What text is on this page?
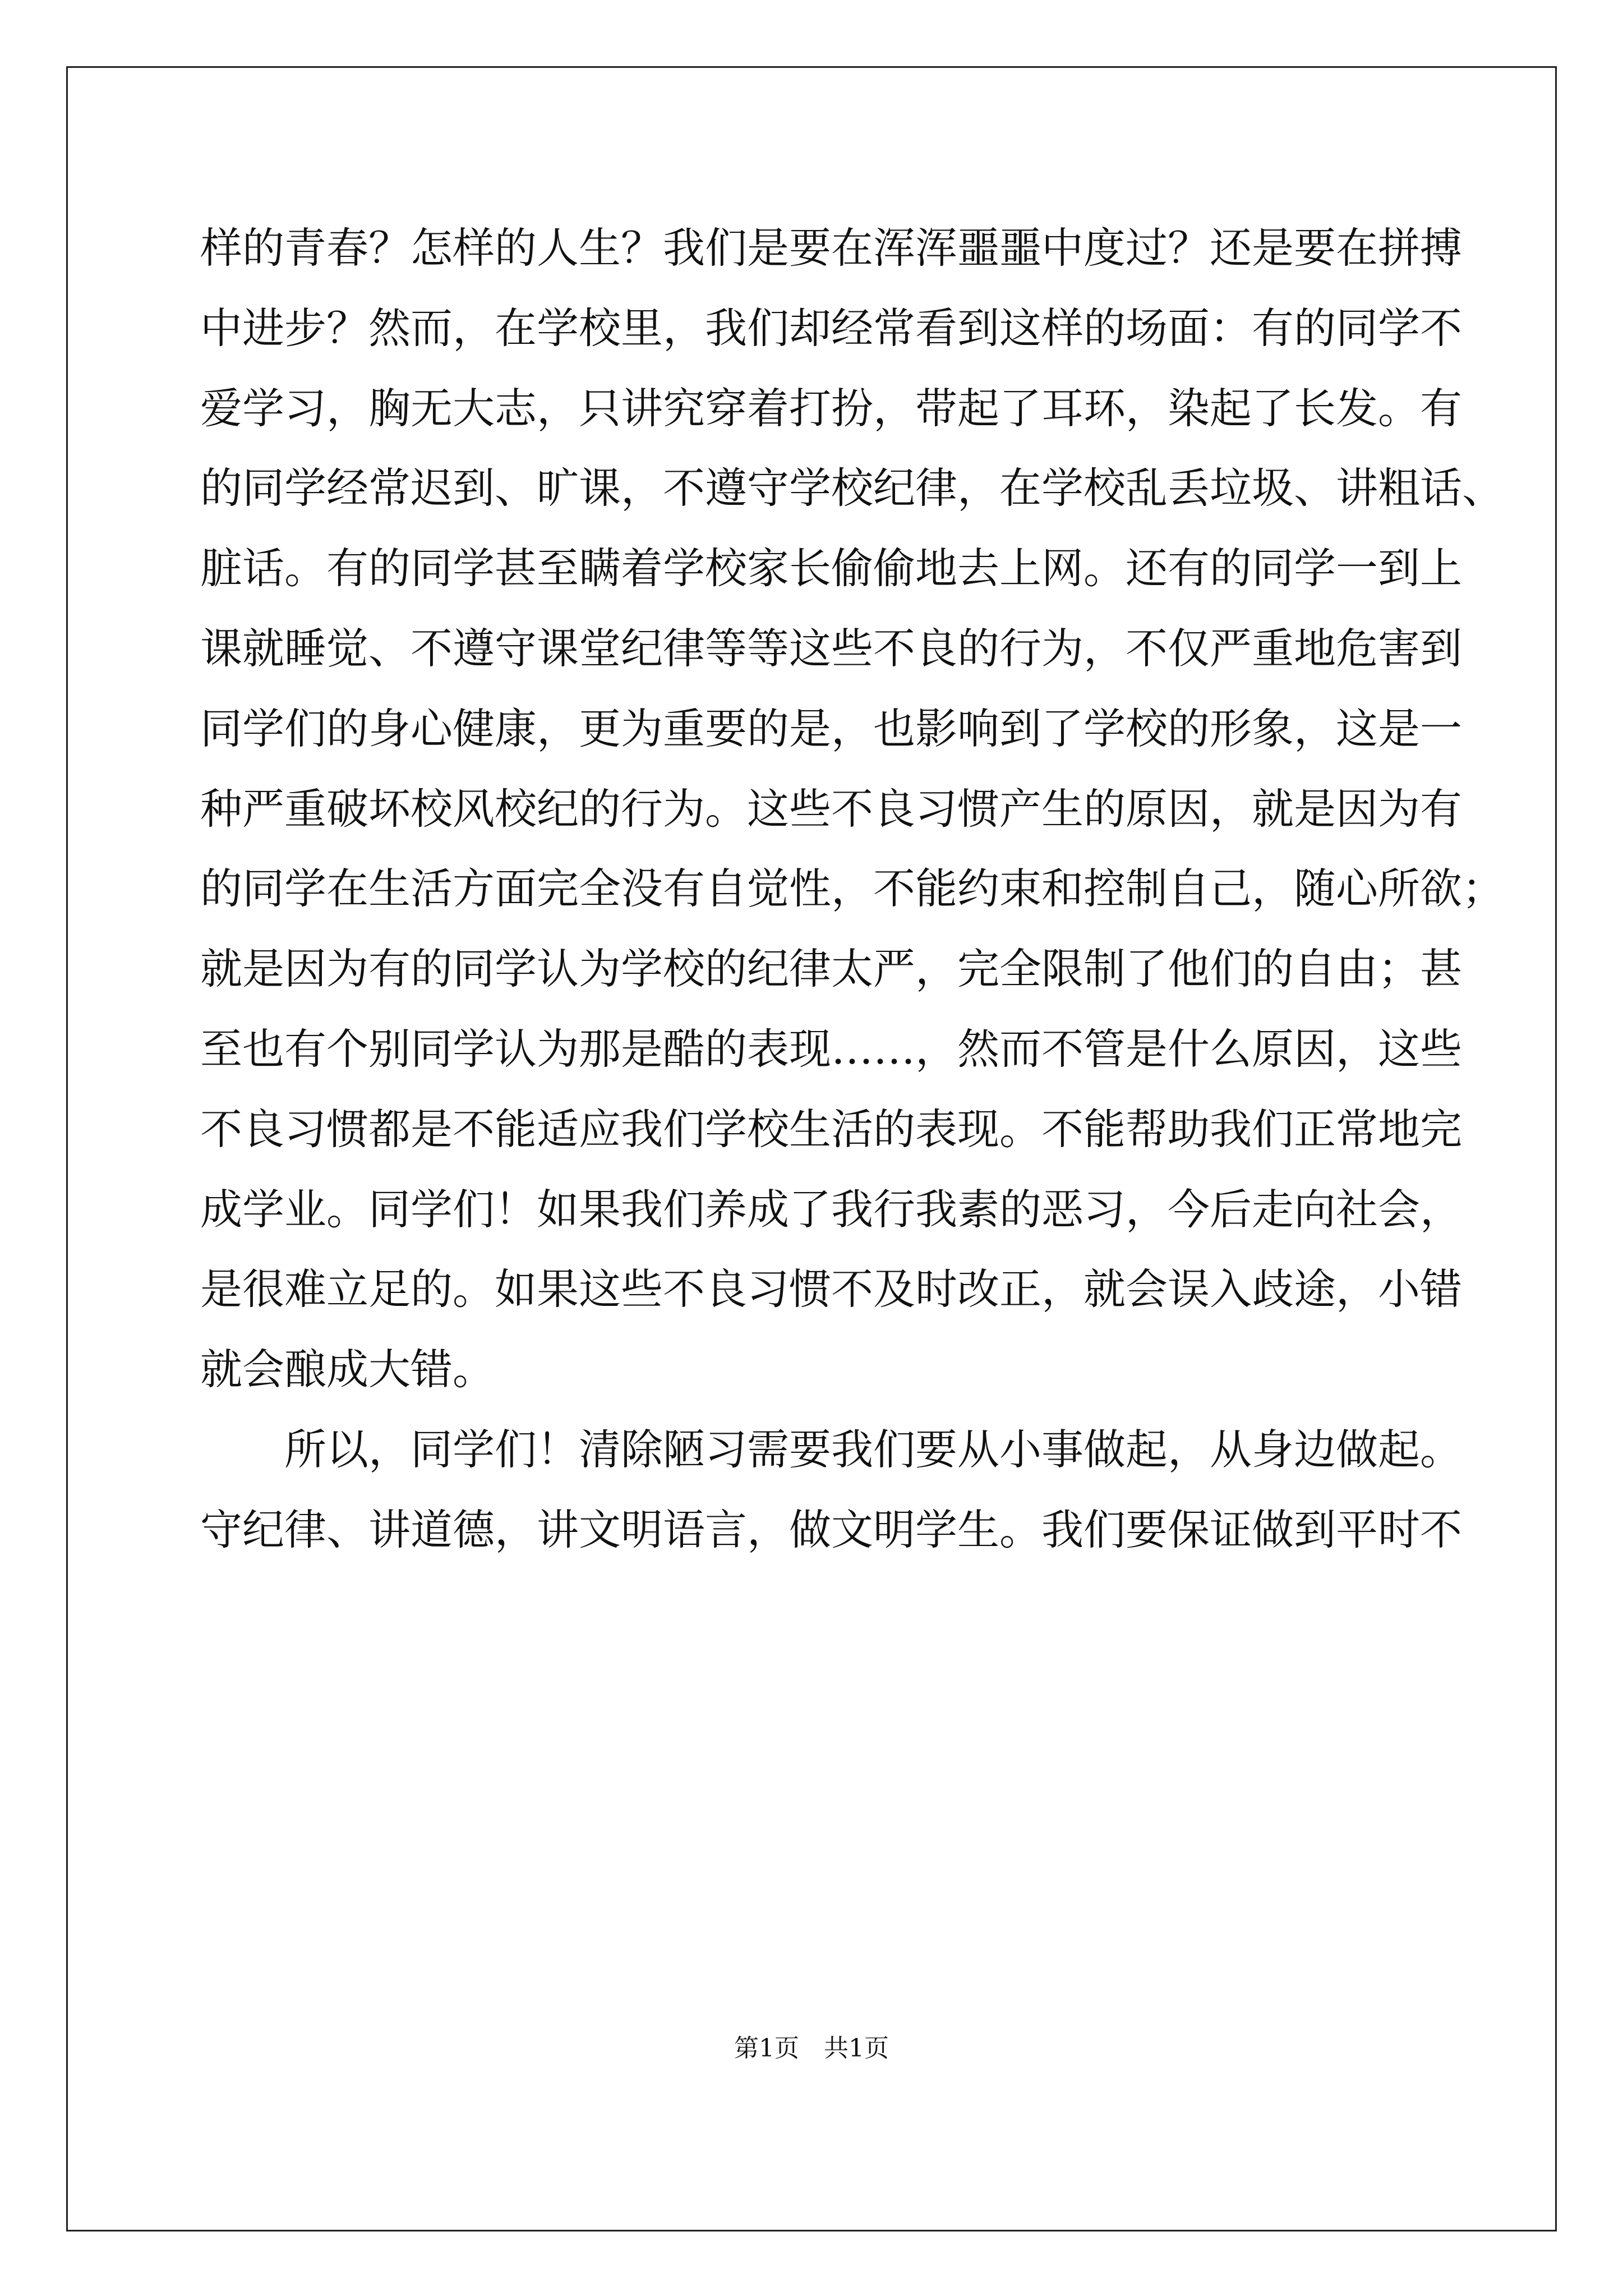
样的青春？怎样的人生？我们是要在浑浑噩噩中度过？还是要在拼搏
中进步？然而，在学校里，我们却经常看到这样的场面：有的同学不
爱学习，胸无大志，只讲究穿着打扮，带起了耳环，染起了长发。有
的同学经常迟到、旷课，不遵守学校纪律，在学校乱丢垃圾、讲粗话、
脏话。有的同学甚至瞒着学校家长偷偷地去上网。还有的同学一到上
课就睡觉、不遵守课堂纪律等等这些不良的行为，不仅严重地危害到
同学们的身心健康，更为重要的是，也影响到了学校的形象，这是一
种严重破坏校风校纪的行为。这些不良习惯产生的原因，就是因为有
的同学在生活方面完全没有自觉性，不能约束和控制自己，随心所欲；
就是因为有的同学认为学校的纪律太严，完全限制了他们的自由；甚
至也有个别同学认为那是酷的表现……，然而不管是什么原因，这些
不良习惯都是不能适应我们学校生活的表现。不能帮助我们正常地完
成学业。同学们！如果我们养成了我行我素的恶习，今后走向社会，
是很难立足的。如果这些不良习惯不及时改正，就会误入歧途，小错
就会酿成大错。
　　所以，同学们！清除陋习需要我们要从小事做起，从身边做起。
守纪律、讲道德，讲文明语言，做文明学生。我们要保证做到平时不
第1页　共1页
